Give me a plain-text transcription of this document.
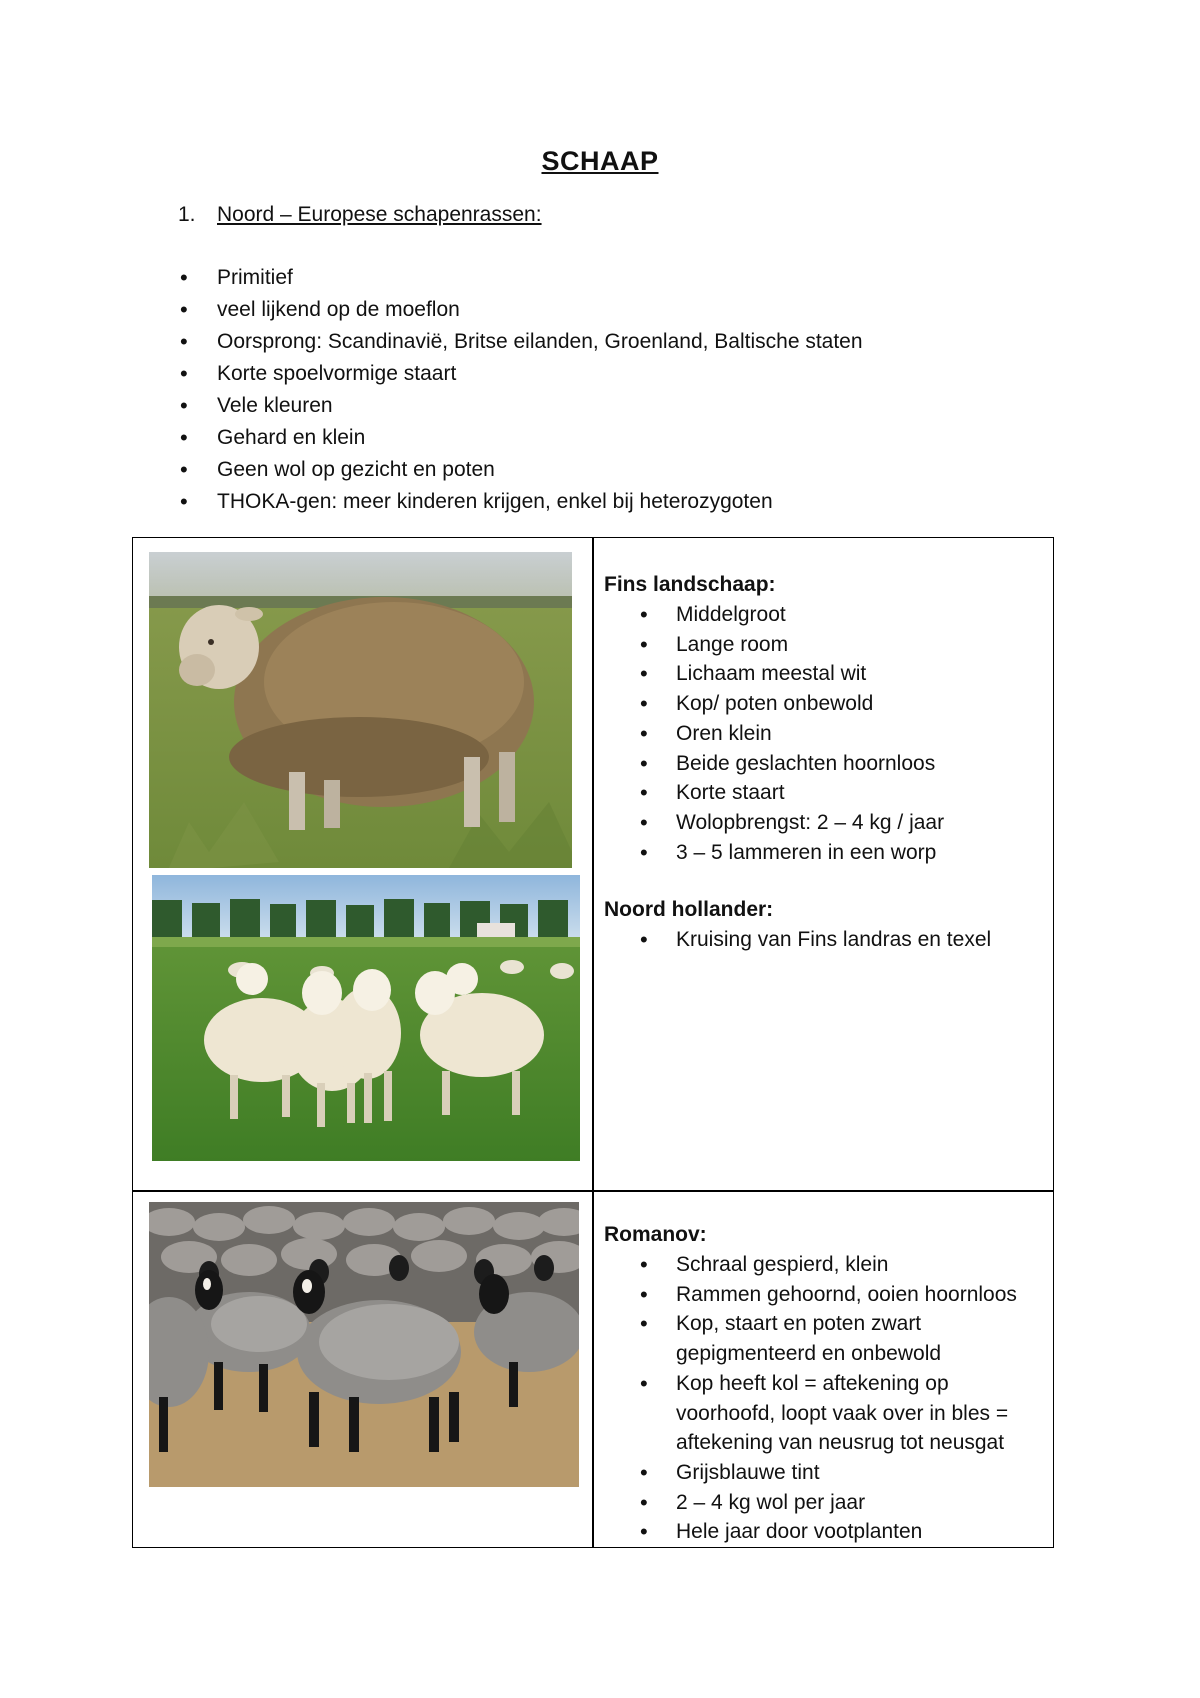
SCHAAP
1. Noord – Europese schapenrassen:
• Primitief
• veel lijkend op de moeflon
• Oorsprong: Scandinavië, Britse eilanden, Groenland, Baltische staten
• Korte spoelvormige staart
• Vele kleuren
• Gehard en klein
• Geen wol op gezicht en poten
• THOKA-gen: meer kinderen krijgen, enkel bij heterozygoten
Fins landschaap:
• Middelgroot
• Lange room
• Lichaam meestal wit
• Kop/ poten onbewold
• Oren klein
• Beide geslachten hoornloos
• Korte staart
• Wolopbrengst: 2 – 4 kg / jaar
• 3 – 5 lammeren in een worp
Noord hollander:
• Kruising van Fins landras en texel
Romanov:
• Schraal gespierd, klein
• Rammen gehoornd, ooien hoornloos
• Kop, staart en poten zwart gepigmenteerd en onbewold
• Kop heeft kol = aftekening op voorhoofd, loopt vaak over in bles = aftekening van neusrug tot neusgat
• Grijsblauwe tint
• 2 – 4 kg wol per jaar
• Hele jaar door vootplanten
